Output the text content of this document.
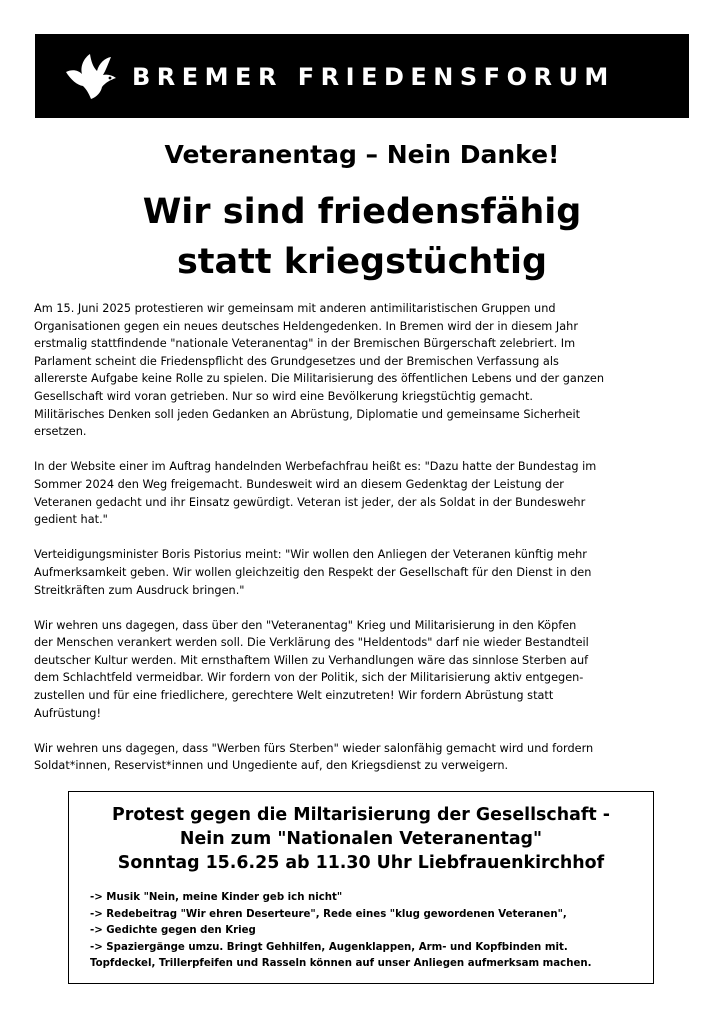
BREMER FRIEDENSFORUM
Veteranentag – Nein Danke!
Wir sind friedensfähig
statt kriegstüchtig

Am 15. Juni 2025 protestieren wir gemeinsam mit anderen antimilitaristischen Gruppen und
Organisationen gegen ein neues deutsches Heldengedenken. In Bremen wird der in diesem Jahr
erstmalig stattfindende "nationale Veteranentag" in der Bremischen Bürgerschaft zelebriert. Im
Parlament scheint die Friedenspflicht des Grundgesetzes und der Bremischen Verfassung als
allererste Aufgabe keine Rolle zu spielen. Die Militarisierung des öffentlichen Lebens und der ganzen
Gesellschaft wird voran getrieben. Nur so wird eine Bevölkerung kriegstüchtig gemacht.
Militärisches Denken soll jeden Gedanken an Abrüstung, Diplomatie und gemeinsame Sicherheit
ersetzen.

In der Website einer im Auftrag handelnden Werbefachfrau heißt es: "Dazu hatte der Bundestag im
Sommer 2024 den Weg freigemacht. Bundesweit wird an diesem Gedenktag der Leistung der
Veteranen gedacht und ihr Einsatz gewürdigt. Veteran ist jeder, der als Soldat in der Bundeswehr
gedient hat."

Verteidigungsminister Boris Pistorius meint: "Wir wollen den Anliegen der Veteranen künftig mehr
Aufmerksamkeit geben. Wir wollen gleichzeitig den Respekt der Gesellschaft für den Dienst in den
Streitkräften zum Ausdruck bringen."

Wir wehren uns dagegen, dass über den "Veteranentag" Krieg und Militarisierung in den Köpfen
der Menschen verankert werden soll. Die Verklärung des "Heldentods" darf nie wieder Bestandteil
deutscher Kultur werden. Mit ernsthaftem Willen zu Verhandlungen wäre das sinnlose Sterben auf
dem Schlachtfeld vermeidbar. Wir fordern von der Politik, sich der Militarisierung aktiv entgegen-
zustellen und für eine friedlichere, gerechtere Welt einzutreten! Wir fordern Abrüstung statt
Aufrüstung!

Wir wehren uns dagegen, dass "Werben fürs Sterben" wieder salonfähig gemacht wird und fordern
Soldat*innen, Reservist*innen und Ungediente auf, den Kriegsdienst zu verweigern.

Protest gegen die Miltarisierung der Gesellschaft -
Nein zum "Nationalen Veteranentag"
Sonntag 15.6.25 ab 11.30 Uhr Liebfrauenkirchhof
-> Musik "Nein, meine Kinder geb ich nicht"
-> Redebeitrag "Wir ehren Deserteure", Rede eines "klug gewordenen Veteranen",
-> Gedichte gegen den Krieg
-> Spaziergänge umzu. Bringt Gehhilfen, Augenklappen, Arm- und Kopfbinden mit.
Topfdeckel, Trillerpfeifen und Rasseln können auf unser Anliegen aufmerksam machen.
